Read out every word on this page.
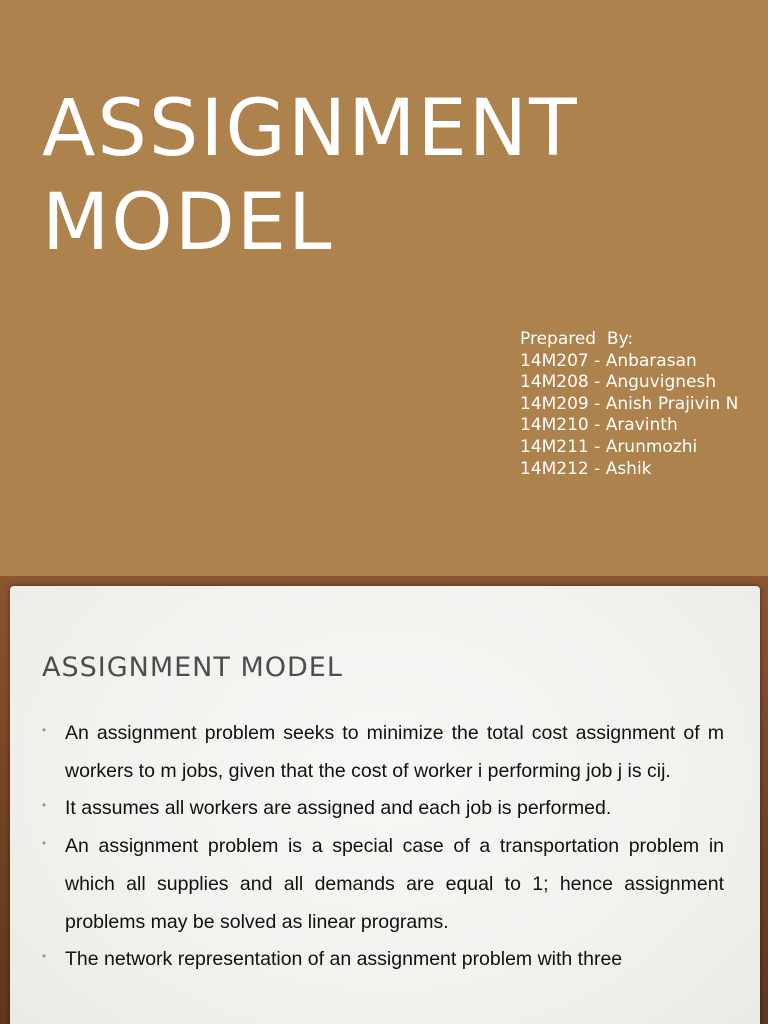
ASSIGNMENT
MODEL
Prepared  By:
14M207 - Anbarasan
14M208 - Anguvignesh
14M209 - Anish Prajivin N
14M210 - Aravinth
14M211 - Arunmozhi
14M212 - Ashik
ASSIGNMENT MODEL
• An assignment problem seeks to minimize the total cost assignment of m workers to m jobs, given that the cost of worker i performing job j is cij.
• It assumes all workers are assigned and each job is performed.
• An assignment problem is a special case of a transportation problem in which all supplies and all demands are equal to 1; hence assignment problems may be solved as linear programs.
• The network representation of an assignment problem with three
